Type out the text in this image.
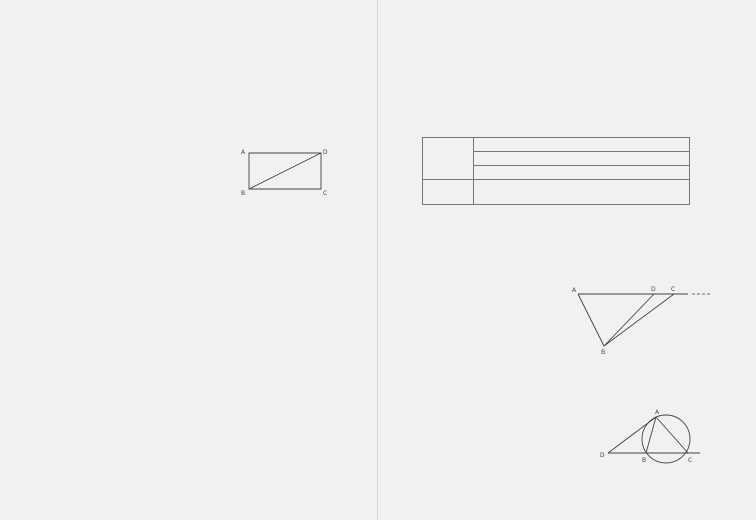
A	D
B	C

A	D	C
B
A
D
B	C
